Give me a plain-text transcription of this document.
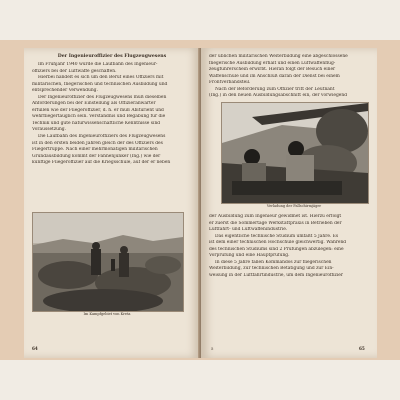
Der Ingenieuroffizier des Flugzeugwesens
Im Frühjahr 1940 wurde die Laufbahn des Ingenieur-
offiziers bei der Luftwaffe geschaffen.
Hierbei handelt es sich um den Beruf eines Offiziers mit
militärischen, fliegerischen und technischen Ausbildung und
entsprechender Verwendung.
Der Ingenieuroffizier des Flugzeugwesens muß dieselben
Anforderungen bei der Einstellung als Offizieranwärter
erfüllen wie der Fliegeroffizier, d. h. er muß Abiturient und
wehrfliegertauglich sein. Verständnis und Begabung für die
Technik und gute naturwissenschaftliche Kenntnisse sind
Voraussetzung.
Die Laufbahn des Ingenieuroffiziers des Flugzeugwesens
ist in den ersten beiden Jahren gleich der des Offiziers des
Fliegertruppe. Nach einer mehrmonatigen militärischen
Grundausbildung kommt der Fahnenjunker (Ing.) wie der
künftige Fliegeroffizier auf die Kriegsschule, auf der er neben
Im Kampfgebiet von Kreta
64
der üblichen militärischen Weiterbildung eine abgeschlossene
fliegerische Ausbildung erhält und einen Luftwaffenflug-
zeugführerschein erwirbt. Hieran folgt der Besuch einer
Waffenschule und im Anschluß daran der Dienst bei einem
Frontverbandsteil.
Nach der Beförderung zum Offizier tritt der Leutnant
(Ing.) in den neuen Ausbildungsabschnitt ein, der vorwiegend
Verladung der Fallschirmjäger
der Ausbildung zum Ingenieur gewidmet ist. Hierzu erfolgt
er zuerst die Sommertage Werkstattpraxis in Betrieben der
Luftfahrt- und Luftwaffenindustrie.
Das eigentliche technische Studium umfaßt 5 Jahre. Es
ist dem einer technischen Hochschule gleichwertig. Während
des technischen Studiums sind 2 Prüfungen abzulegen: eine
Vorprüfung und eine Hauptprüfung.
In diese 5 Jahre fallen Kommandos zur fliegerischen
Weiterbildung, zur technischen Betätigung und zur Ein-
weisung in der Luftfahrtindustrie, um dem Ingenieuroffizier
5	65
